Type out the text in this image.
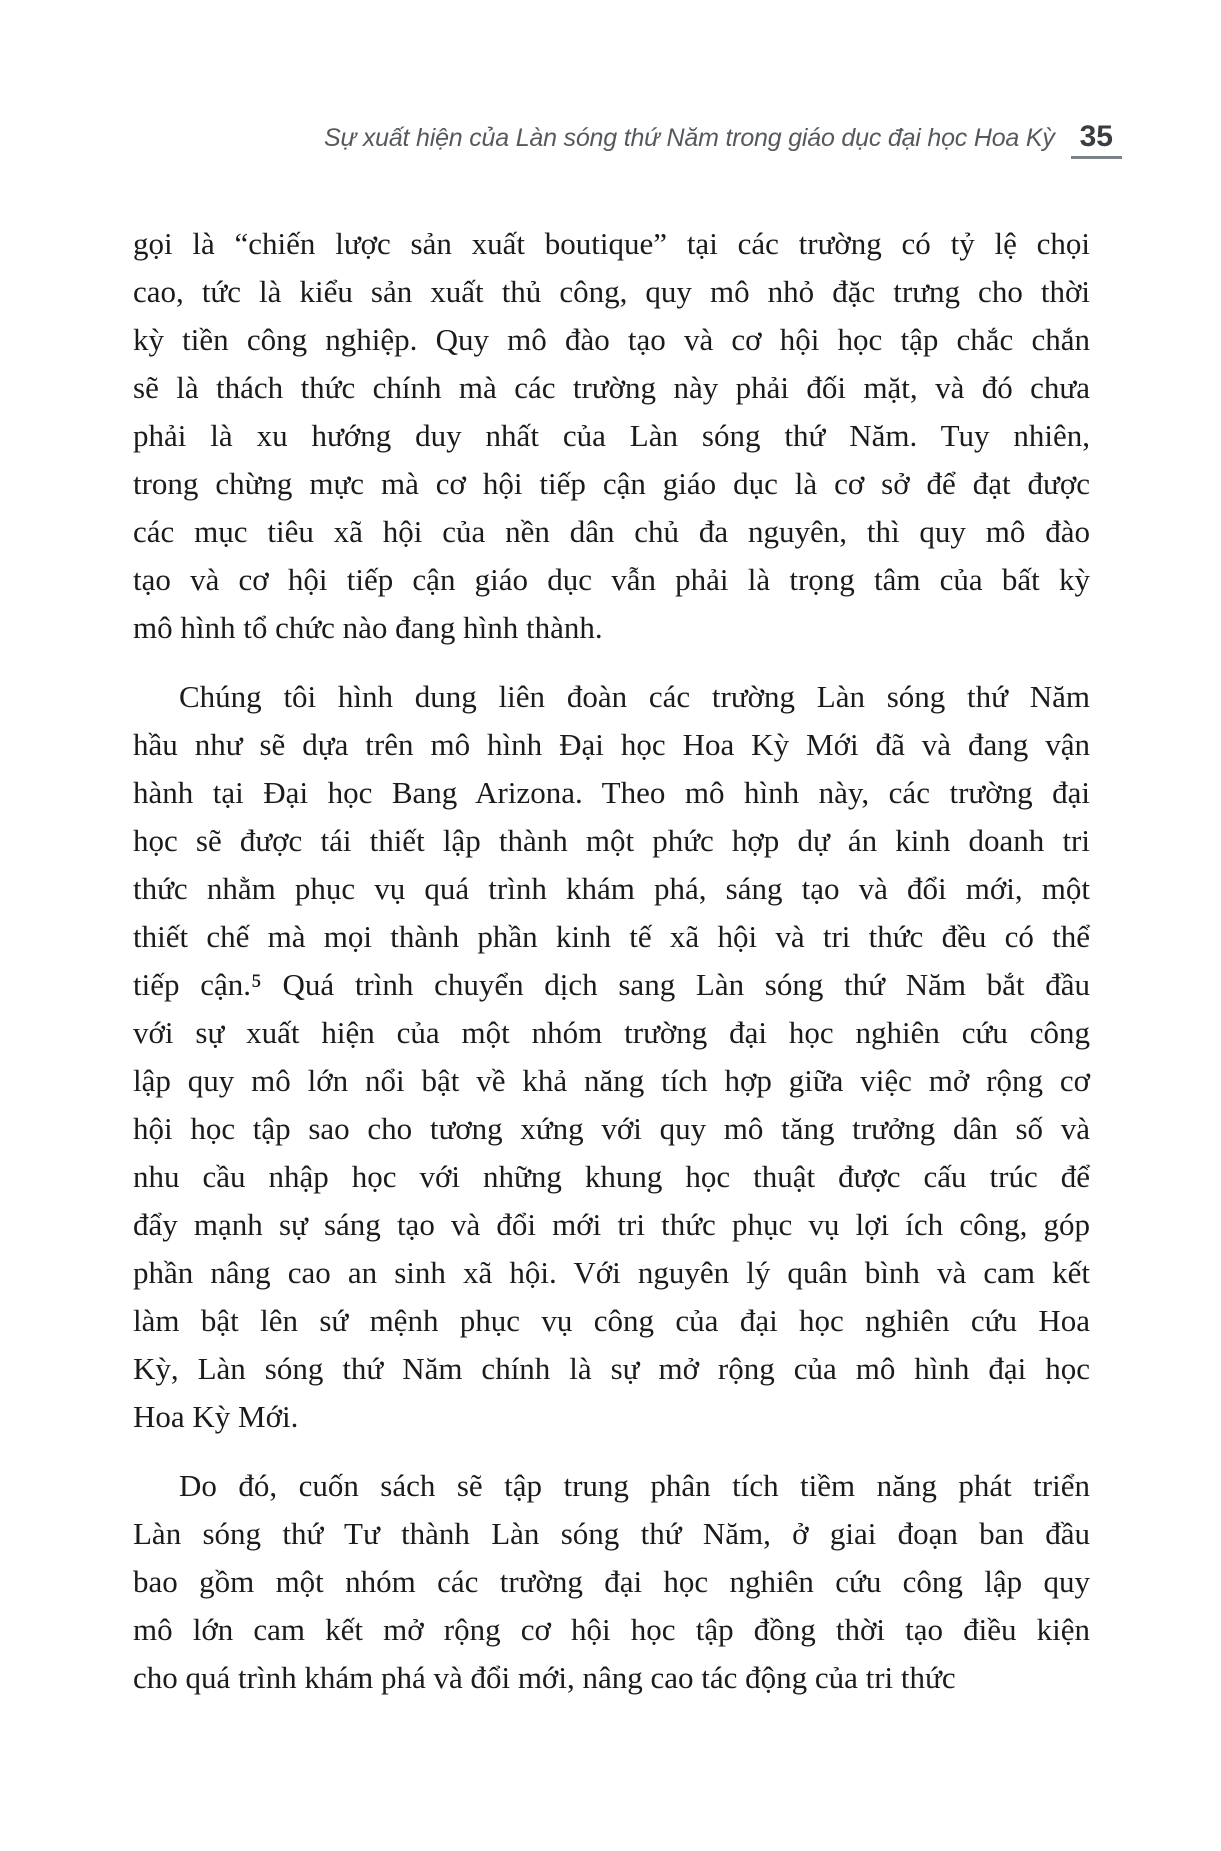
Sự xuất hiện của Làn sóng thứ Năm trong giáo dục đại học Hoa Kỳ 35
gọi là “chiến lược sản xuất boutique” tại các trường có tỷ lệ chọi
cao, tức là kiểu sản xuất thủ công, quy mô nhỏ đặc trưng cho thời
kỳ tiền công nghiệp. Quy mô đào tạo và cơ hội học tập chắc chắn
sẽ là thách thức chính mà các trường này phải đối mặt, và đó chưa
phải là xu hướng duy nhất của Làn sóng thứ Năm. Tuy nhiên,
trong chừng mực mà cơ hội tiếp cận giáo dục là cơ sở để đạt được
các mục tiêu xã hội của nền dân chủ đa nguyên, thì quy mô đào
tạo và cơ hội tiếp cận giáo dục vẫn phải là trọng tâm của bất kỳ
mô hình tổ chức nào đang hình thành.
Chúng tôi hình dung liên đoàn các trường Làn sóng thứ Năm
hầu như sẽ dựa trên mô hình Đại học Hoa Kỳ Mới đã và đang vận
hành tại Đại học Bang Arizona. Theo mô hình này, các trường đại
học sẽ được tái thiết lập thành một phức hợp dự án kinh doanh tri
thức nhằm phục vụ quá trình khám phá, sáng tạo và đổi mới, một
thiết chế mà mọi thành phần kinh tế xã hội và tri thức đều có thể
tiếp cận.⁵ Quá trình chuyển dịch sang Làn sóng thứ Năm bắt đầu
với sự xuất hiện của một nhóm trường đại học nghiên cứu công
lập quy mô lớn nổi bật về khả năng tích hợp giữa việc mở rộng cơ
hội học tập sao cho tương xứng với quy mô tăng trưởng dân số và
nhu cầu nhập học với những khung học thuật được cấu trúc để
đẩy mạnh sự sáng tạo và đổi mới tri thức phục vụ lợi ích công, góp
phần nâng cao an sinh xã hội. Với nguyên lý quân bình và cam kết
làm bật lên sứ mệnh phục vụ công của đại học nghiên cứu Hoa
Kỳ, Làn sóng thứ Năm chính là sự mở rộng của mô hình đại học
Hoa Kỳ Mới.
Do đó, cuốn sách sẽ tập trung phân tích tiềm năng phát triển
Làn sóng thứ Tư thành Làn sóng thứ Năm, ở giai đoạn ban đầu
bao gồm một nhóm các trường đại học nghiên cứu công lập quy
mô lớn cam kết mở rộng cơ hội học tập đồng thời tạo điều kiện
cho quá trình khám phá và đổi mới, nâng cao tác động của tri thức
